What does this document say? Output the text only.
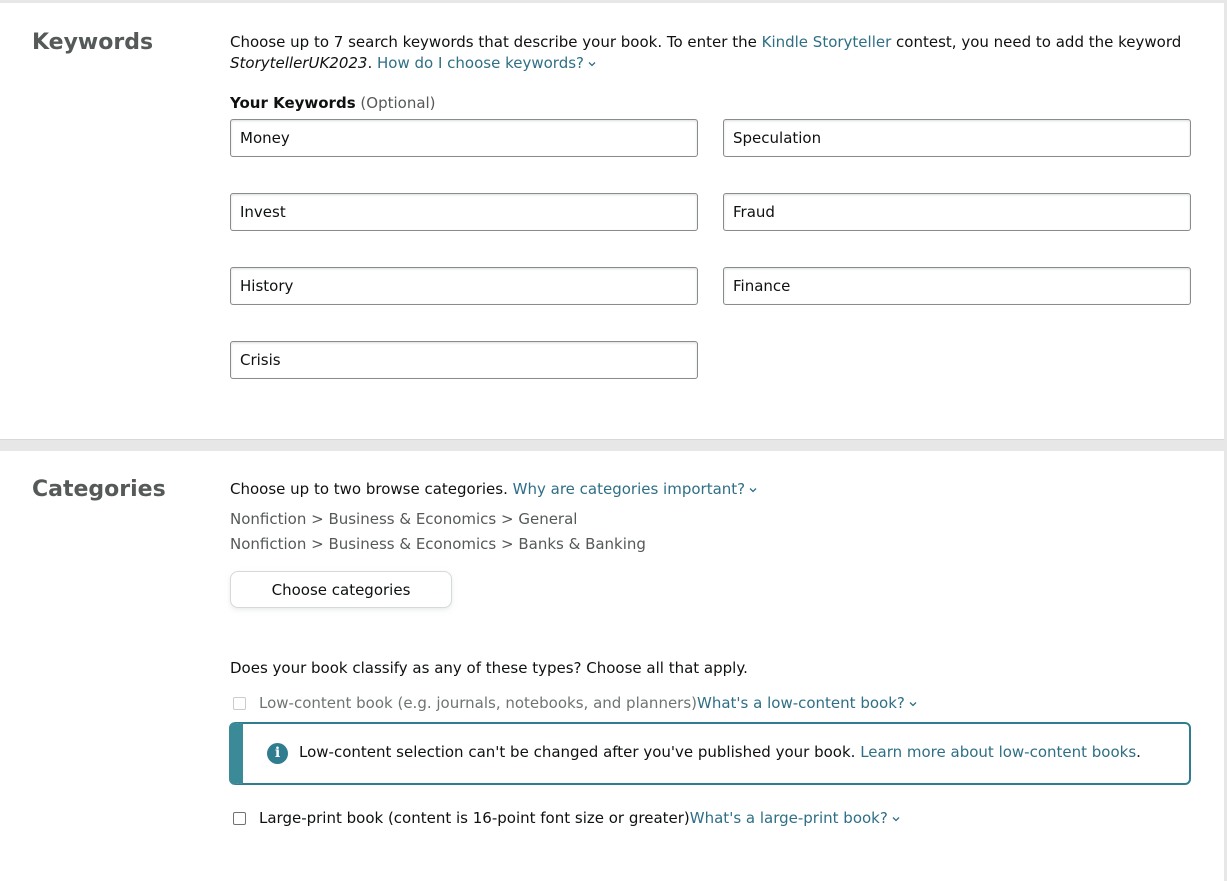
Keywords	Choose up to 7 search keywords that describe your book. To enter the Kindle Storyteller contest, you need to add the keyword StorytellerUK2023. How do I choose keywords?
Your Keywords (Optional)
Money
Speculation
Invest
Fraud
History
Finance
Crisis
Categories	Choose up to two browse categories. Why are categories important?
Nonfiction > Business & Economics > General
Nonfiction > Business & Economics > Banks & Banking
Choose categories
Does your book classify as any of these types? Choose all that apply.
Low-content book (e.g. journals, notebooks, and planners) What's a low-content book?
i	Low-content selection can't be changed after you've published your book. Learn more about low-content books.
Large-print book (content is 16-point font size or greater) What's a large-print book?
